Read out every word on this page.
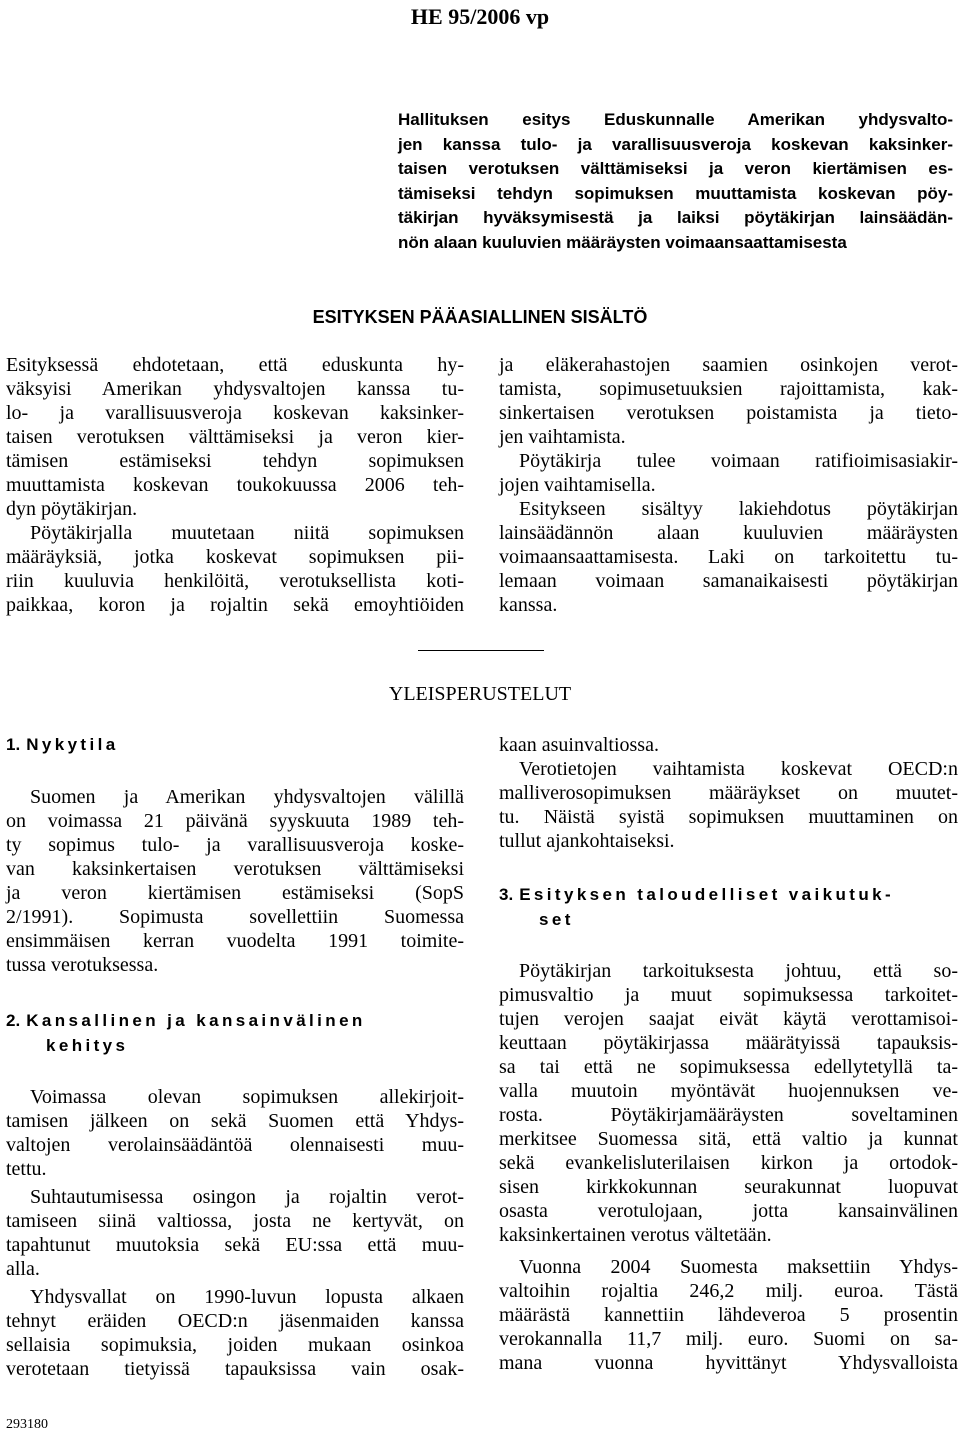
HE 95/2006 vp
Hallituksen esitys Eduskunnalle Amerikan yhdysvalto-
jen kanssa tulo- ja varallisuusveroja koskevan kaksinker-
taisen verotuksen välttämiseksi ja veron kiertämisen es-
tämiseksi tehdyn sopimuksen muuttamista koskevan pöy-
täkirjan hyväksymisestä ja laiksi pöytäkirjan lainsäädän-
nön alaan kuuluvien määräysten voimaansaattamisesta
ESITYKSEN PÄÄASIALLINEN SISÄLTÖ
Esityksessä ehdotetaan, että eduskunta hy-
väksyisi Amerikan yhdysvaltojen kanssa tu-
lo- ja varallisuusveroja koskevan kaksinker-
taisen verotuksen välttämiseksi ja veron kier-
tämisen estämiseksi tehdyn sopimuksen
muuttamista koskevan toukokuussa 2006 teh-
dyn pöytäkirjan.
Pöytäkirjalla muutetaan niitä sopimuksen
määräyksiä, jotka koskevat sopimuksen pii-
riin kuuluvia henkilöitä, verotuksellista koti-
paikkaa, koron ja rojaltin sekä emoyhtiöiden
ja eläkerahastojen saamien osinkojen verot-
tamista, sopimusetuuksien rajoittamista, kak-
sinkertaisen verotuksen poistamista ja tieto-
jen vaihtamista.
Pöytäkirja tulee voimaan ratifioimisasiakir-
jojen vaihtamisella.
Esitykseen sisältyy lakiehdotus pöytäkirjan
lainsäädännön alaan kuuluvien määräysten
voimaansaattamisesta. Laki on tarkoitettu tu-
lemaan voimaan samanaikaisesti pöytäkirjan
kanssa.
YLEISPERUSTELUT
1. Nykytila
Suomen ja Amerikan yhdysvaltojen välillä
on voimassa 21 päivänä syyskuuta 1989 teh-
ty sopimus tulo- ja varallisuusveroja koske-
van kaksinkertaisen verotuksen välttämiseksi
ja veron kiertämisen estämiseksi (SopS
2/1991). Sopimusta sovellettiin Suomessa
ensimmäisen kerran vuodelta 1991 toimite-
tussa verotuksessa.
2. Kansallinen ja kansainvälinen
kehitys
Voimassa olevan sopimuksen allekirjoit-
tamisen jälkeen on sekä Suomen että Yhdys-
valtojen verolainsäädäntöä olennaisesti muu-
tettu.
Suhtautumisessa osingon ja rojaltin verot-
tamiseen siinä valtiossa, josta ne kertyvät, on
tapahtunut muutoksia sekä EU:ssa että muu-
alla.
Yhdysvallat on 1990-luvun lopusta alkaen
tehnyt eräiden OECD:n jäsenmaiden kanssa
sellaisia sopimuksia, joiden mukaan osinkoa
verotetaan tietyissä tapauksissa vain osak-
kaan asuinvaltiossa.
Verotietojen vaihtamista koskevat OECD:n
malliverosopimuksen määräykset on muutet-
tu. Näistä syistä sopimuksen muuttaminen on
tullut ajankohtaiseksi.
3. Esityksen taloudelliset vaikutuk-
set
Pöytäkirjan tarkoituksesta johtuu, että so-
pimusvaltio ja muut sopimuksessa tarkoitet-
tujen verojen saajat eivät käytä verottamisoi-
keuttaan pöytäkirjassa määrätyissä tapauksis-
sa tai että ne sopimuksessa edellytetyllä ta-
valla muutoin myöntävät huojennuksen ve-
rosta. Pöytäkirjamääräysten soveltaminen
merkitsee Suomessa sitä, että valtio ja kunnat
sekä evankelisluterilaisen kirkon ja ortodok-
sisen kirkkokunnan seurakunnat luopuvat
osasta verotulojaan, jotta kansainvälinen
kaksinkertainen verotus vältetään.
Vuonna 2004 Suomesta maksettiin Yhdys-
valtoihin rojaltia 246,2 milj. euroa. Tästä
määrästä kannettiin lähdeveroa 5 prosentin
verokannalla 11,7 milj. euro. Suomi on sa-
mana vuonna hyvittänyt Yhdysvalloista
293180
